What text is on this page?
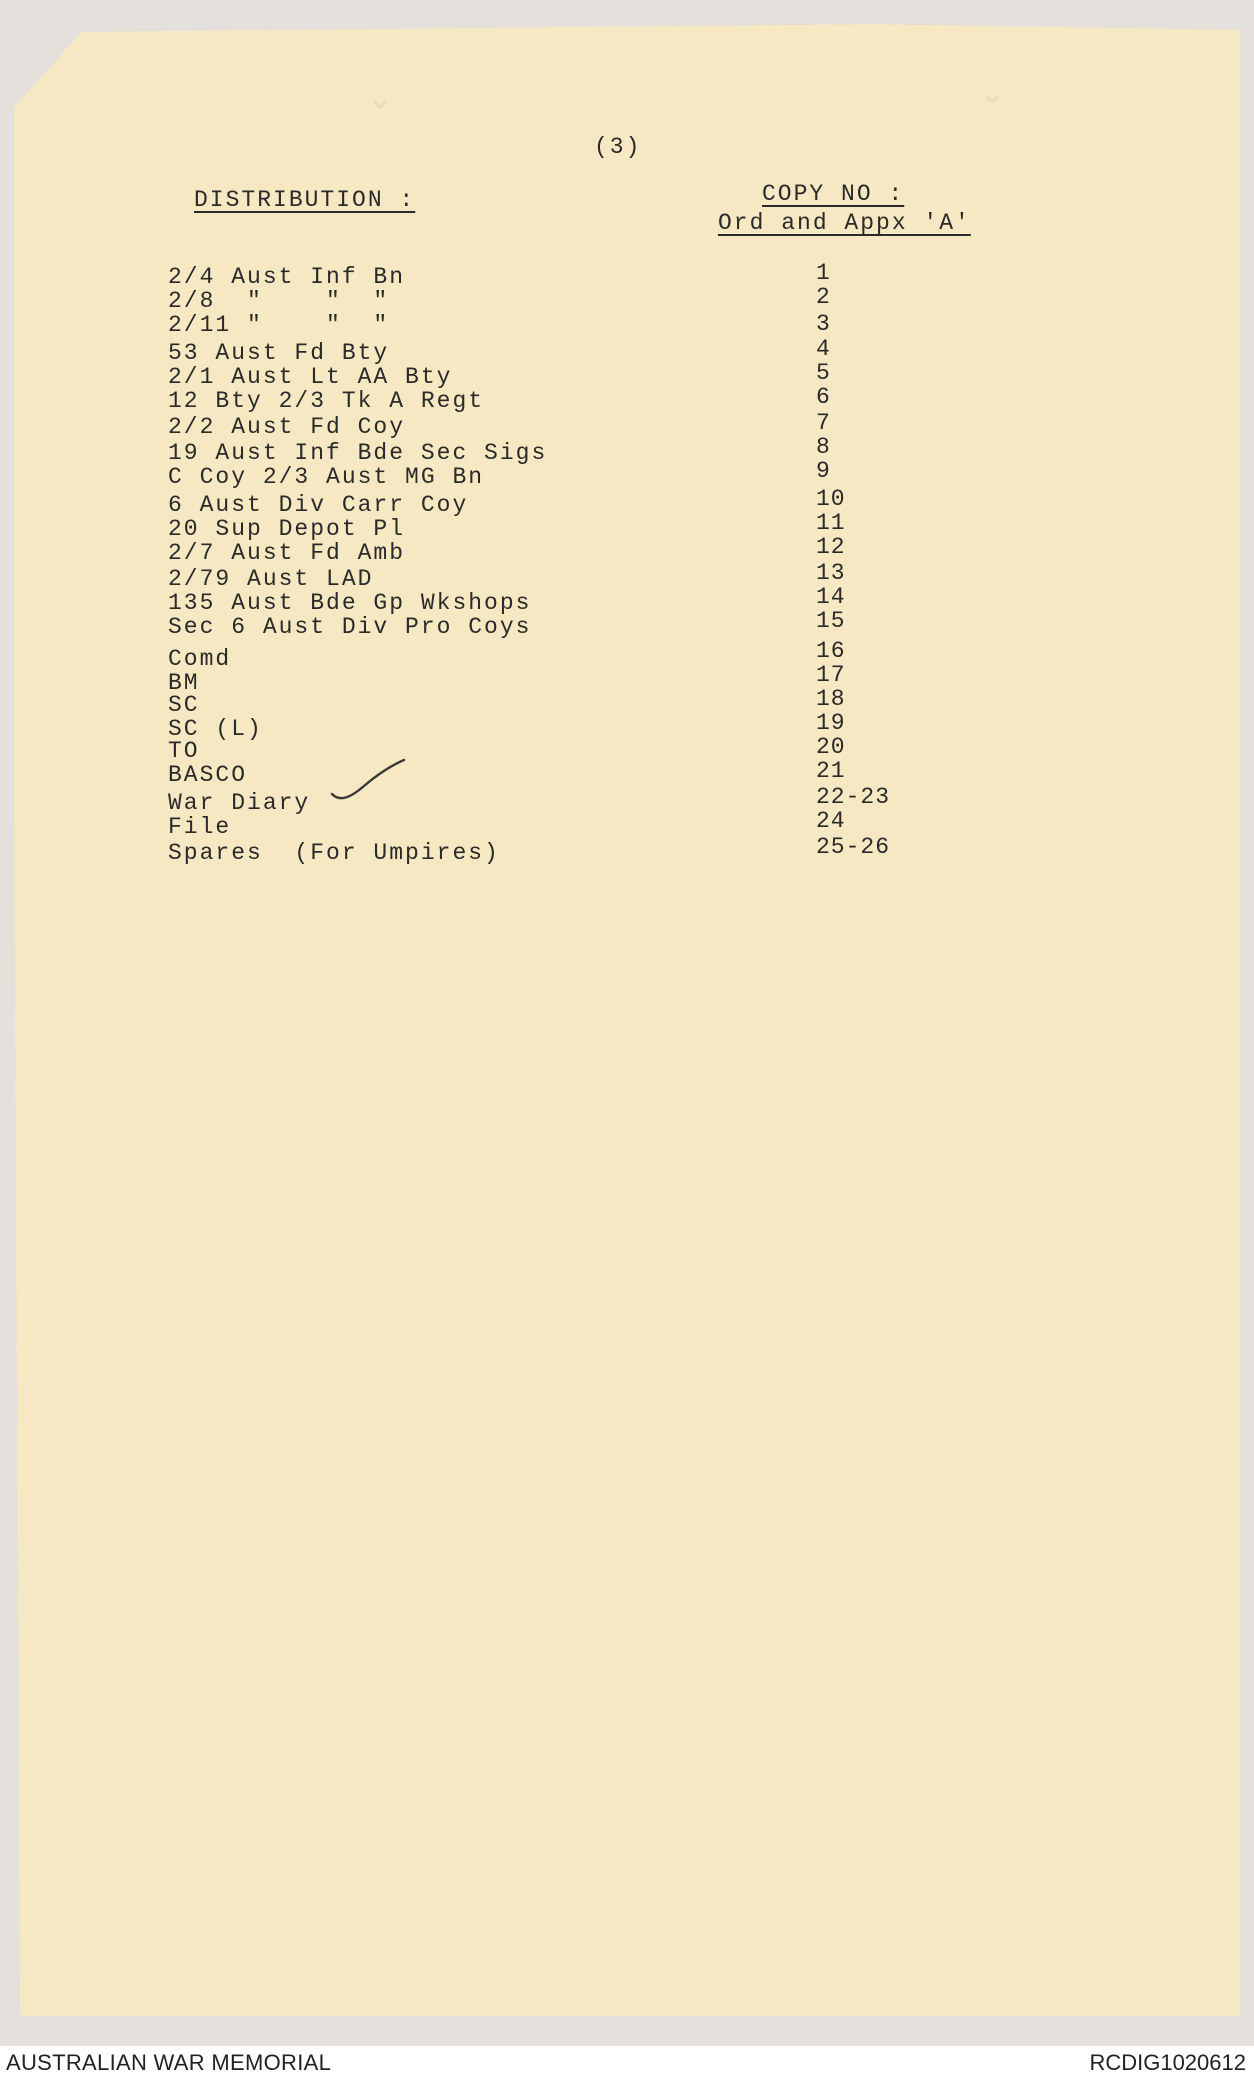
⌄	⌄
(3)
DISTRIBUTION :	COPY NO :
Ord and Appx 'A'
2/4 Aust Inf Bn	1
2/8  "    "  "	2
2/11 "    "  "	3
53 Aust Fd Bty	4
2/1 Aust Lt AA Bty	5
12 Bty 2/3 Tk A Regt	6
2/2 Aust Fd Coy	7
19 Aust Inf Bde Sec Sigs	8
C Coy 2/3 Aust MG Bn	9
6 Aust Div Carr Coy	10
20 Sup Depot Pl	11
2/7 Aust Fd Amb	12
2/79 Aust LAD	13
135 Aust Bde Gp Wkshops	14
Sec 6 Aust Div Pro Coys	15
Comd	16
BM	17
SC	18
SC (L)	19
TO	20
BASCO	21
War Diary	22-23
File	24
Spares  (For Umpires)	25-26
AUSTRALIAN WAR MEMORIAL	RCDIG1020612
